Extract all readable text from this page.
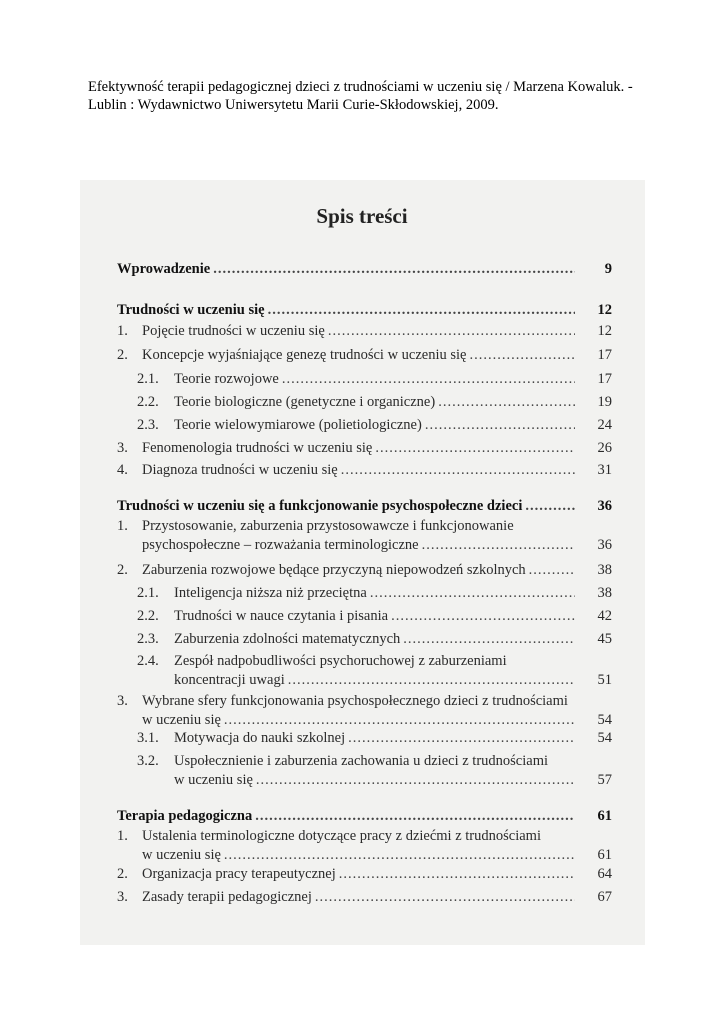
Efektywność terapii pedagogicznej dzieci z trudnościami w uczeniu się / Marzena Kowaluk. -
Lublin : Wydawnictwo Uniwersytetu Marii Curie-Skłodowskiej, 2009.
Spis treści
Wprowadzenie .....	9
Trudności w uczeniu się .....	12
1. Pojęcie trudności w uczeniu się .....	12
2. Koncepcje wyjaśniające genezę trudności w uczeniu się .....	17
2.1. Teorie rozwojowe .....	17
2.2. Teorie biologiczne (genetyczne i organiczne) .....	19
2.3. Teorie wielowymiarowe (polietiologiczne) .....	24
3. Fenomenologia trudności w uczeniu się .....	26
4. Diagnoza trudności w uczeniu się .....	31
Trudności w uczeniu się a funkcjonowanie psychospołeczne dzieci .....	36
1. Przystosowanie, zaburzenia przystosowawcze i funkcjonowanie
psychospołeczne – rozważania terminologiczne .....	36
2. Zaburzenia rozwojowe będące przyczyną niepowodzeń szkolnych .....	38
2.1. Inteligencja niższa niż przeciętna .....	38
2.2. Trudności w nauce czytania i pisania .....	42
2.3. Zaburzenia zdolności matematycznych .....	45
2.4. Zespół nadpobudliwości psychoruchowej z zaburzeniami
koncentracji uwagi .....	51
3. Wybrane sfery funkcjonowania psychospołecznego dzieci z trudnościami
w uczeniu się .....	54
3.1. Motywacja do nauki szkolnej .....	54
3.2. Uspołecznienie i zaburzenia zachowania u dzieci z trudnościami
w uczeniu się .....	57
Terapia pedagogiczna .....	61
1. Ustalenia terminologiczne dotyczące pracy z dziećmi z trudnościami
w uczeniu się .....	61
2. Organizacja pracy terapeutycznej .....	64
3. Zasady terapii pedagogicznej .....	67
